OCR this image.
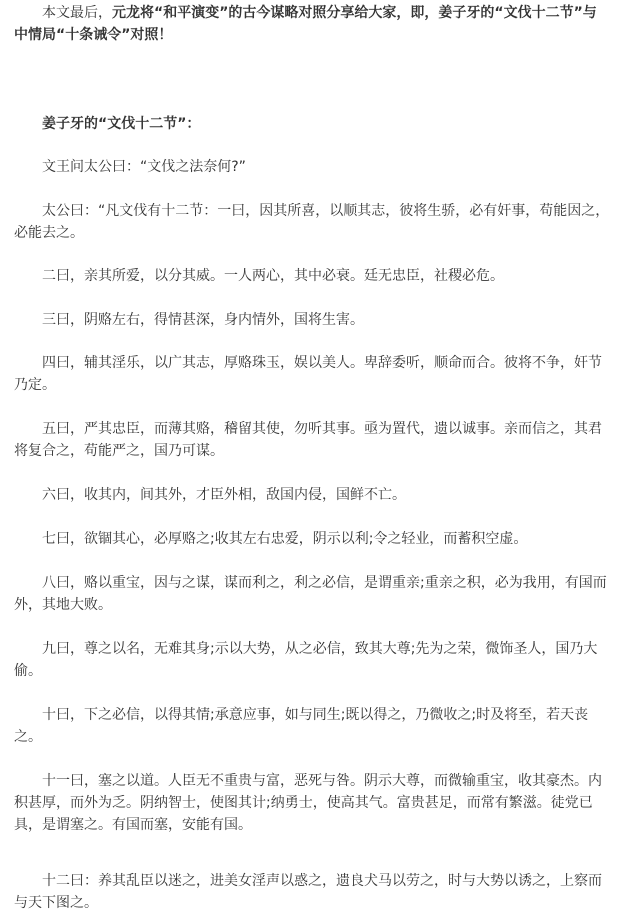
本文最后，元龙将“和平演变”的古今谋略对照分享给大家，即，姜子牙的“文伐十二节”与中情局“十条诫令”对照！

姜子牙的“文伐十二节”：

文王问太公曰：“文伐之法奈何?”

太公曰：“凡文伐有十二节：一曰，因其所喜，以顺其志，彼将生骄，必有奸事，苟能因之，必能去之。

二曰，亲其所爱，以分其威。一人两心，其中必衰。廷无忠臣，社稷必危。

三曰，阴赂左右，得情甚深，身内情外，国将生害。

四曰，辅其淫乐，以广其志，厚赂珠玉，娱以美人。卑辞委听，顺命而合。彼将不争，奸节乃定。

五曰，严其忠臣，而薄其赂，稽留其使，勿听其事。亟为置代，遗以诚事。亲而信之，其君将复合之，苟能严之，国乃可谋。

六曰，收其内，间其外，才臣外相，敌国内侵，国鲜不亡。

七曰，欲锢其心，必厚赂之;收其左右忠爱，阴示以利;令之轻业，而蓄积空虚。

八曰，赂以重宝，因与之谋，谋而利之，利之必信，是谓重亲;重亲之积，必为我用，有国而外，其地大败。

九曰，尊之以名，无难其身;示以大势，从之必信，致其大尊;先为之荣，微饰圣人，国乃大偷。

十曰，下之必信，以得其情;承意应事，如与同生;既以得之，乃微收之;时及将至，若天丧之。

十一曰，塞之以道。人臣无不重贵与富，恶死与咎。阴示大尊，而微输重宝，收其豪杰。内积甚厚，而外为乏。阴纳智士，使图其计;纳勇士，使高其气。富贵甚足，而常有繁滋。徒党已具，是谓塞之。有国而塞，安能有国。

十二曰：养其乱臣以迷之，进美女淫声以惑之，遗良犬马以劳之，时与大势以诱之，上察而与天下图之。
